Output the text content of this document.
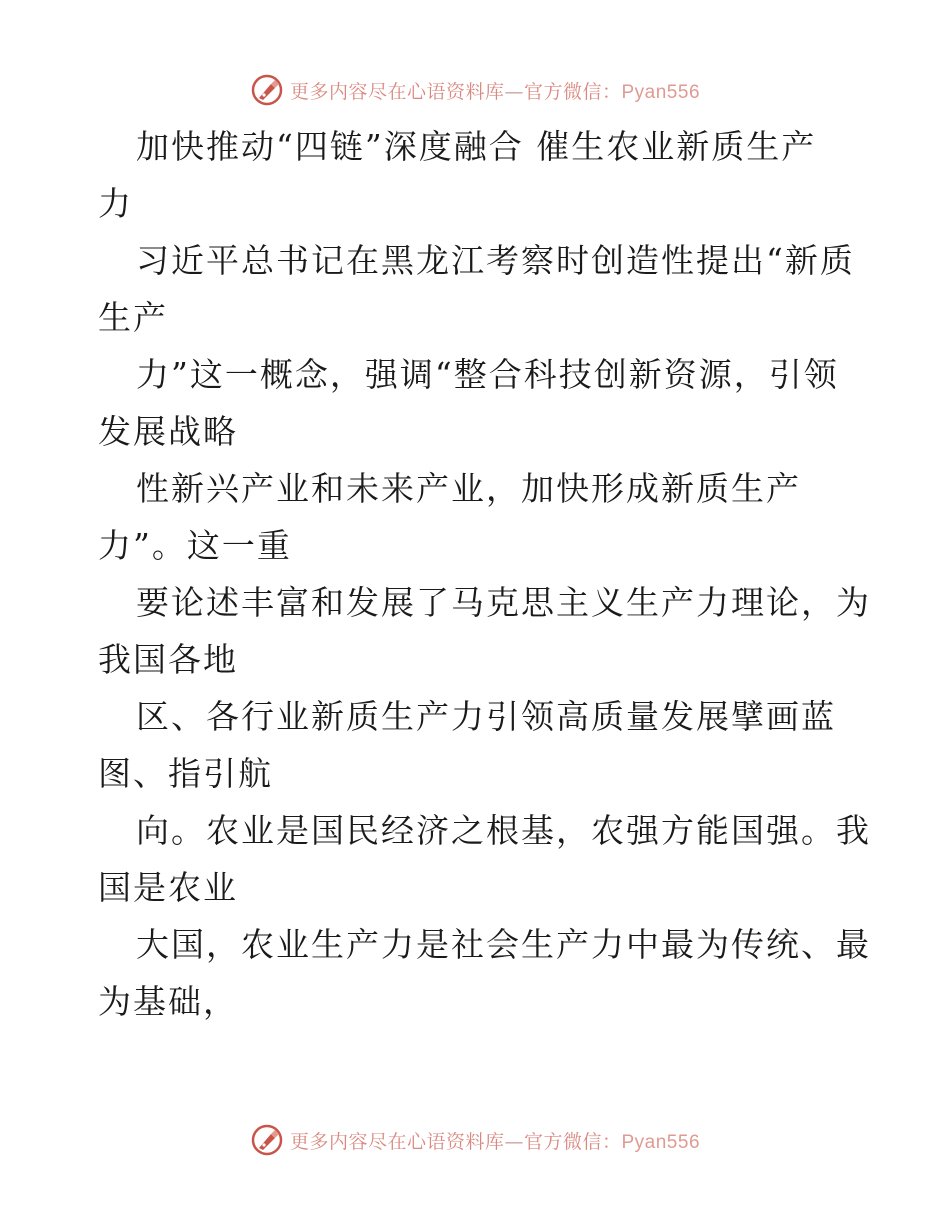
更多内容尽在心语资料库—官方微信：Pyan556
加快推动“四链”深度融合 催生农业新质生产
力
习近平总书记在黑龙江考察时创造性提出“新质
生产
力”这一概念，强调“整合科技创新资源，引领
发展战略
性新兴产业和未来产业，加快形成新质生产
力”。这一重
要论述丰富和发展了马克思主义生产力理论，为
我国各地
区、各行业新质生产力引领高质量发展擘画蓝
图、指引航
向。农业是国民经济之根基，农强方能国强。我
国是农业
大国，农业生产力是社会生产力中最为传统、最
为基础，
更多内容尽在心语资料库—官方微信：Pyan556
